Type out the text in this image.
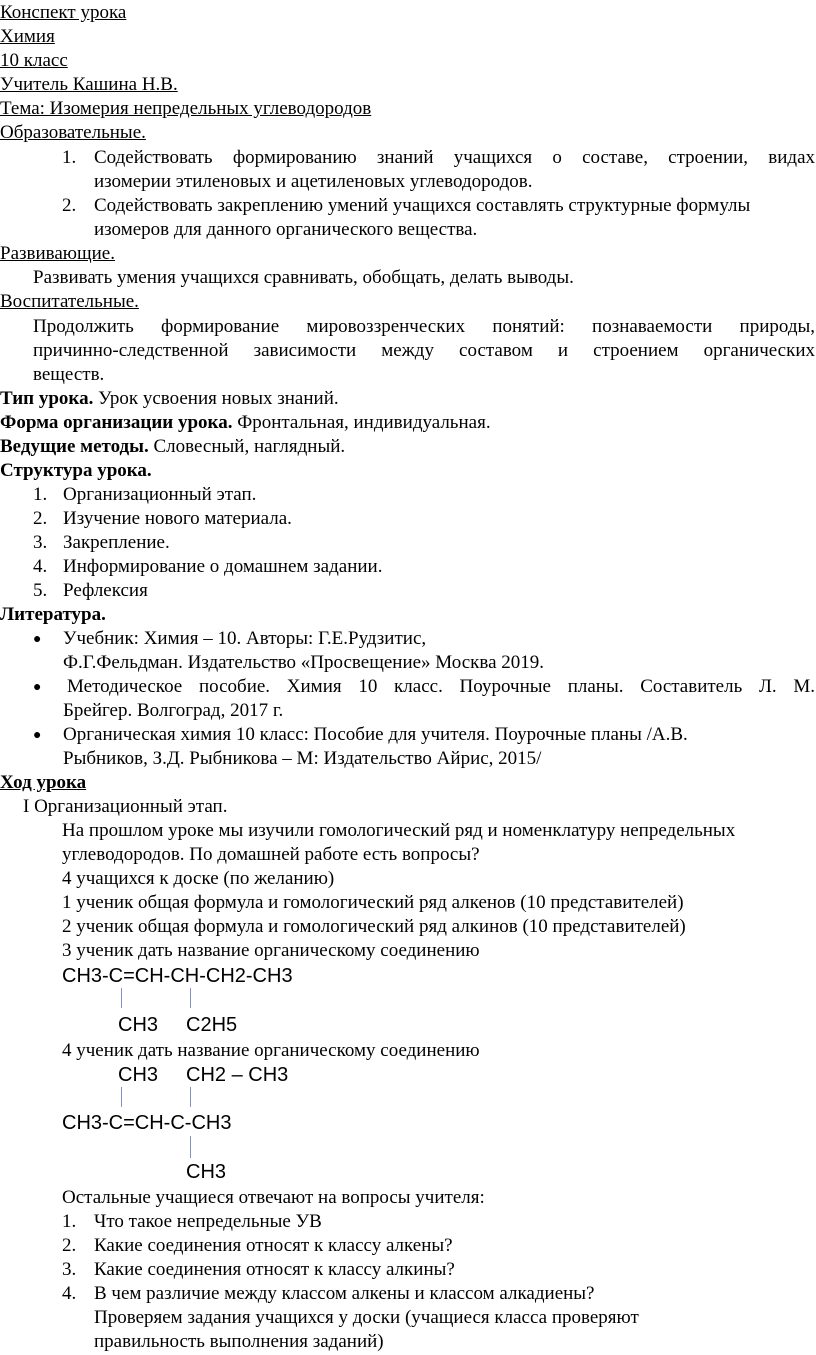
Конспект урока
Химия
10 класс
Учитель Кашина Н.В.
Тема: Изомерия непредельных углеводородов
Образовательные.
1. Содействовать формированию знаний учащихся о составе, строении, видах
изомерии этиленовых и ацетиленовых углеводородов.
2. Содействовать закреплению умений учащихся составлять структурные формулы
изомеров для данного органического вещества.
Развивающие.
Развивать умения учащихся сравнивать, обобщать, делать выводы.
Воспитательные.
Продолжить формирование мировоззренческих понятий: познаваемости природы,
причинно-следственной зависимости между составом и строением органических
веществ.
Тип урока. Урок усвоения новых знаний.
Форма организации урока. Фронтальная, индивидуальная.
Ведущие методы. Словесный, наглядный.
Структура урока.
1. Организационный этап.
2. Изучение нового материала.
3. Закрепление.
4. Информирование о домашнем задании.
5. Рефлексия
Литература.
● Учебник: Химия – 10. Авторы: Г.Е.Рудзитис,
Ф.Г.Фельдман. Издательство «Просвещение» Москва 2019.
● Методическое пособие. Химия 10 класс. Поурочные планы. Составитель Л. М.
Брейгер. Волгоград, 2017 г.
● Органическая химия 10 класс: Пособие для учителя. Поурочные планы /А.В.
Рыбников, З.Д. Рыбникова – М: Издательство Айрис, 2015/
Ход урока
I Организационный этап.
На прошлом уроке мы изучили гомологический ряд и номенклатуру непредельных
углеводородов. По домашней работе есть вопросы?
4 учащихся к доске (по желанию)
1 ученик общая формула и гомологический ряд алкенов (10 представителей)
2 ученик общая формула и гомологический ряд алкинов (10 представителей)
3 ученик дать название органическому соединению
CH3-C=CH-CH-CH2-CH3
CH3 C2H5
4 ученик дать название органическому соединению
CH3 CH2 – CH3
CH3-C=CH-C-CH3
CH3
Остальные учащиеся отвечают на вопросы учителя:
1. Что такое непредельные УВ
2. Какие соединения относят к классу алкены?
3. Какие соединения относят к классу алкины?
4. В чем различие между классом алкены и классом алкадиены?
Проверяем задания учащихся у доски (учащиеся класса проверяют
правильность выполнения заданий)
